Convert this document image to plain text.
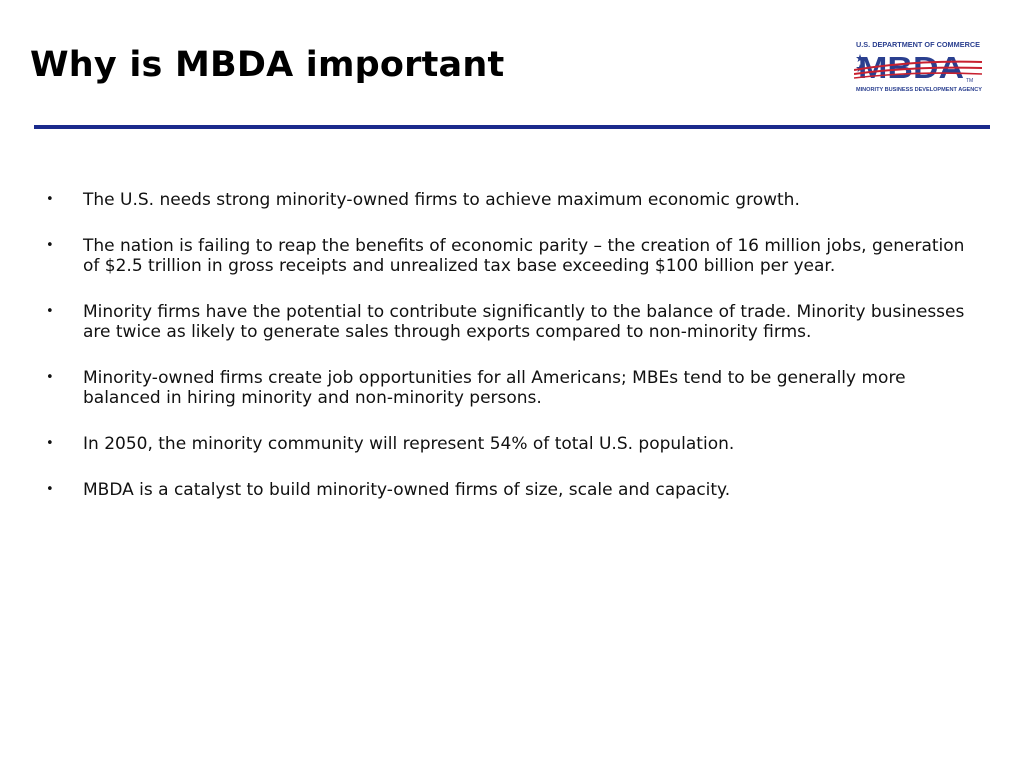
Why is MBDA important	U.S. DEPARTMENT OF COMMERCE
MBDA TM
MINORITY BUSINESS DEVELOPMENT AGENCY
• The U.S. needs strong minority-owned firms to achieve maximum economic growth.
• The nation is failing to reap the benefits of economic parity – the creation of 16 million jobs, generation of $2.5 trillion in gross receipts and unrealized tax base exceeding $100 billion per year.
• Minority firms have the potential to contribute significantly to the balance of trade. Minority businesses are twice as likely to generate sales through exports compared to non-minority firms.
• Minority-owned firms create job opportunities for all Americans; MBEs tend to be generally more balanced in hiring minority and non-minority persons.
• In 2050, the minority community will represent 54% of total U.S. population.
• MBDA is a catalyst to build minority-owned firms of size, scale and capacity.
